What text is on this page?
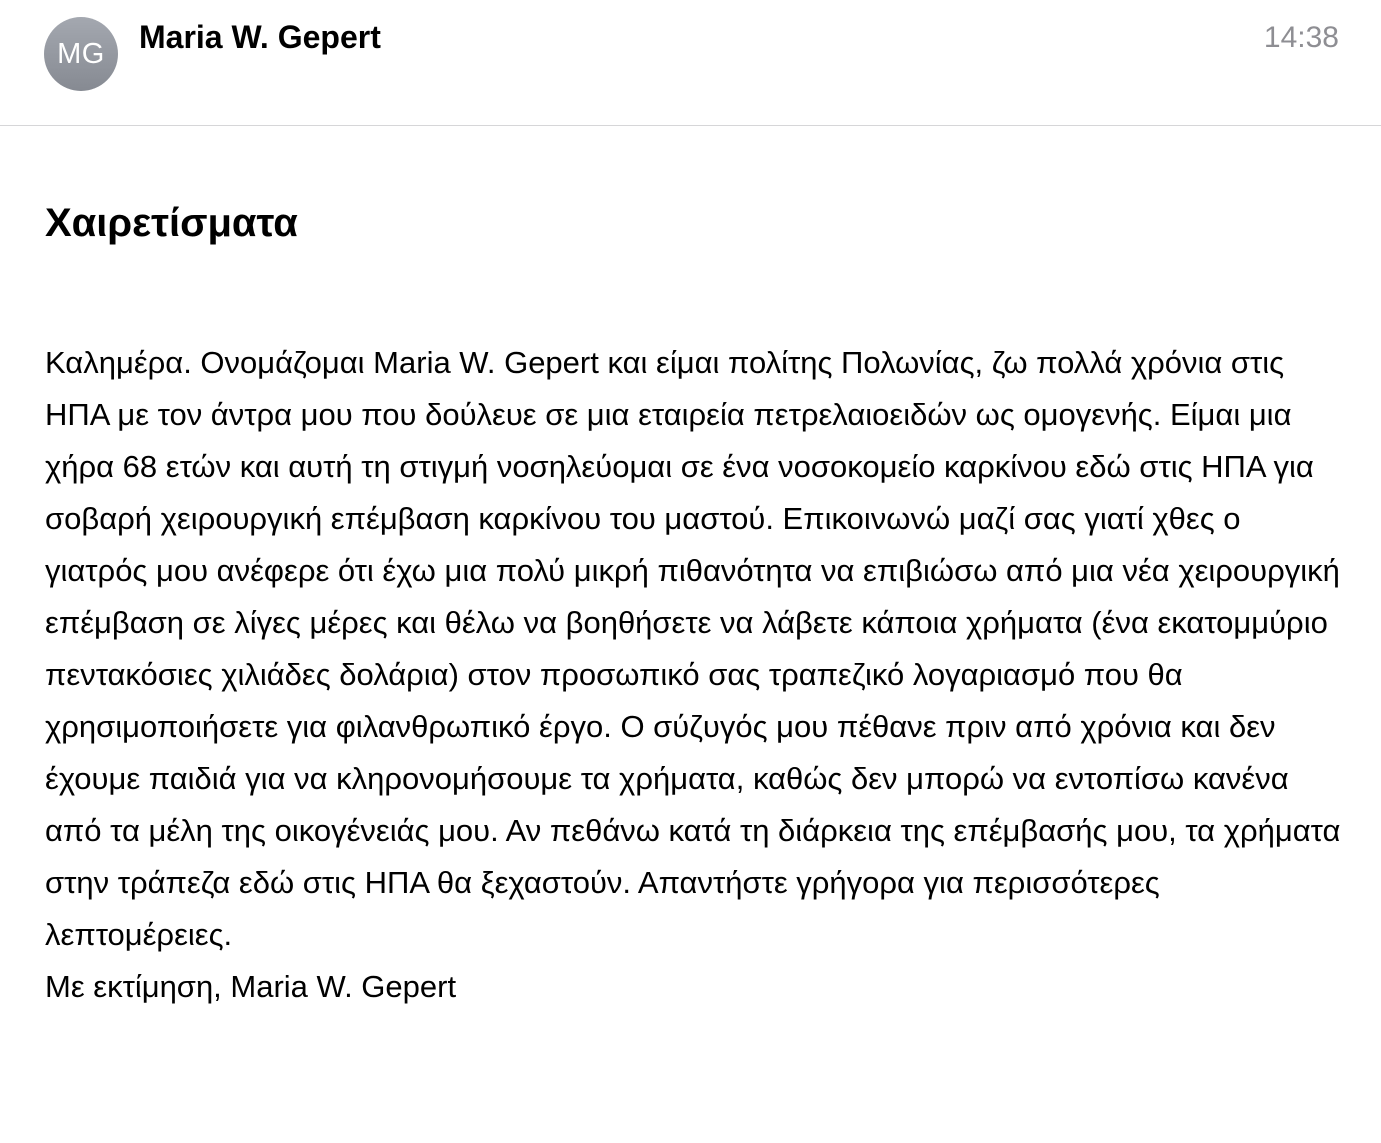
MG	Maria W. Gepert	14:38
Χαιρετίσματα

Καλημέρα. Ονομάζομαι Maria W. Gepert και είμαι πολίτης Πολωνίας, ζω πολλά χρόνια στις ΗΠΑ με τον άντρα μου που δούλευε σε μια εταιρεία πετρελαιοειδών ως ομογενής. Είμαι μια χήρα 68 ετών και αυτή τη στιγμή νοσηλεύομαι σε ένα νοσοκομείο καρκίνου εδώ στις ΗΠΑ για σοβαρή χειρουργική επέμβαση καρκίνου του μαστού. Επικοινωνώ μαζί σας γιατί χθες ο γιατρός μου ανέφερε ότι έχω μια πολύ μικρή πιθανότητα να επιβιώσω από μια νέα χειρουργική επέμβαση σε λίγες μέρες και θέλω να βοηθήσετε να λάβετε κάποια χρήματα (ένα εκατομμύριο πεντακόσιες χιλιάδες δολάρια) στον προσωπικό σας τραπεζικό λογαριασμό που θα χρησιμοποιήσετε για φιλανθρωπικό έργο. Ο σύζυγός μου πέθανε πριν από χρόνια και δεν έχουμε παιδιά για να κληρονομήσουμε τα χρήματα, καθώς δεν μπορώ να εντοπίσω κανένα από τα μέλη της οικογένειάς μου. Αν πεθάνω κατά τη διάρκεια της επέμβασής μου, τα χρήματα στην τράπεζα εδώ στις ΗΠΑ θα ξεχαστούν. Απαντήστε γρήγορα για περισσότερες λεπτομέρειες.

Με εκτίμηση, Maria W. Gepert
